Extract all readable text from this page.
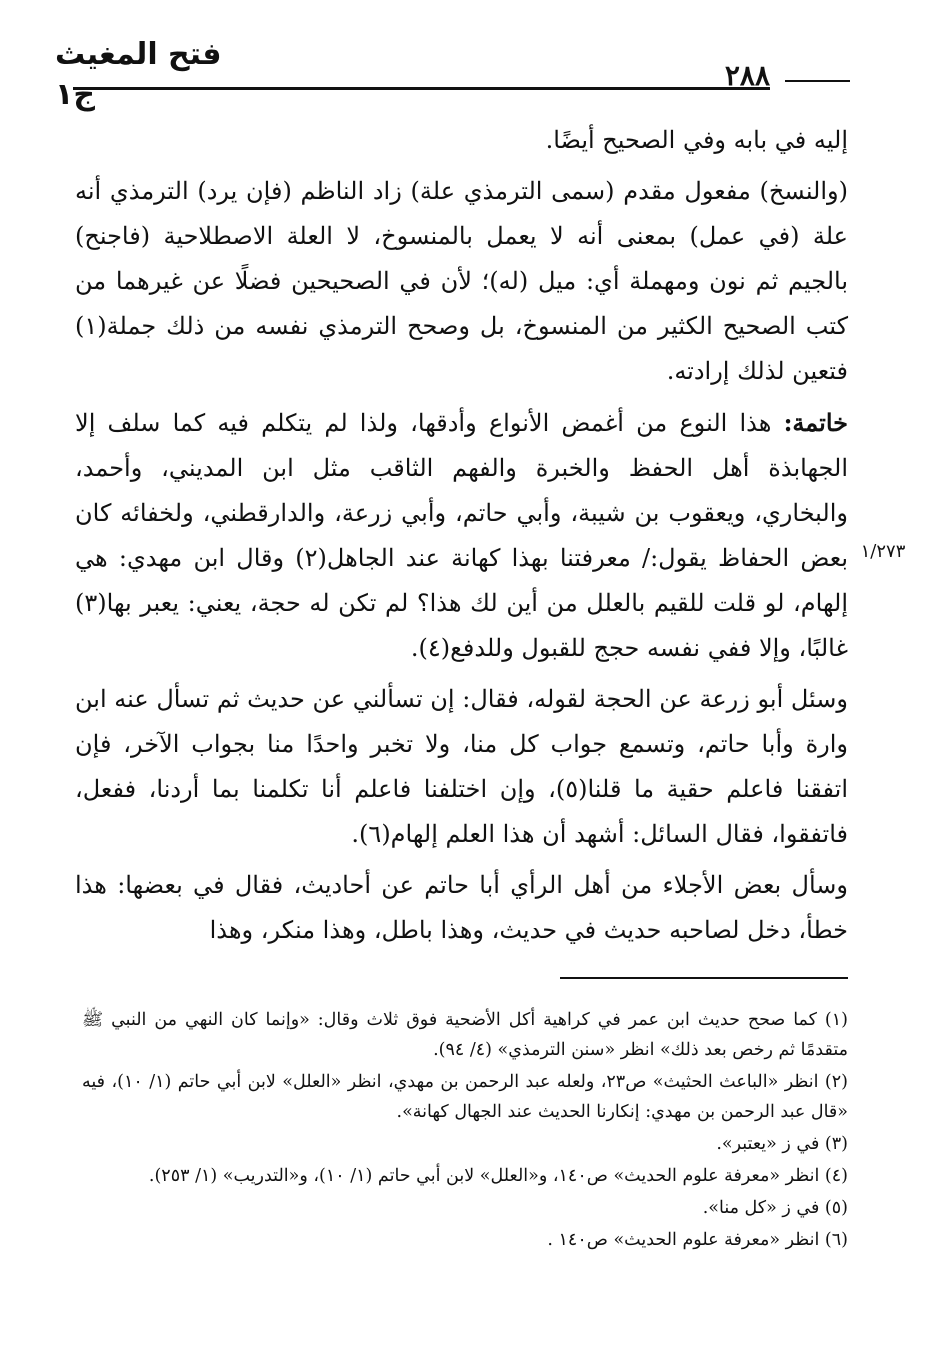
فتح المغيث ج١
٢٨٨
١/٢٧٣

إليه في بابه وفي الصحيح أيضًا.

(والنسخ) مفعول مقدم (سمى الترمذي علة) زاد الناظم (فإن يرد) الترمذي أنه علة (في عمل) بمعنى أنه لا يعمل بالمنسوخ، لا العلة الاصطلاحية (فاجنح) بالجيم ثم نون ومهملة أي: ميل (له)؛ لأن في الصحيحين فضلًا عن غيرهما من كتب الصحيح الكثير من المنسوخ، بل وصحح الترمذي نفسه من ذلك جملة(١) فتعين لذلك إرادته.

خاتمة: هذا النوع من أغمض الأنواع وأدقها، ولذا لم يتكلم فيه كما سلف إلا الجهابذة أهل الحفظ والخبرة والفهم الثاقب مثل ابن المديني، وأحمد، والبخاري، ويعقوب بن شيبة، وأبي حاتم، وأبي زرعة، والدارقطني، ولخفائه كان بعض الحفاظ يقول:/ معرفتنا بهذا كهانة عند الجاهل(٢) وقال ابن مهدي: هي إلهام، لو قلت للقيم بالعلل من أين لك هذا؟ لم تكن له حجة، يعني: يعبر بها(٣) غالبًا، وإلا ففي نفسه حجج للقبول وللدفع(٤).

وسئل أبو زرعة عن الحجة لقوله، فقال: إن تسألني عن حديث ثم تسأل عنه ابن وارة وأبا حاتم، وتسمع جواب كل منا، ولا تخبر واحدًا منا بجواب الآخر، فإن اتفقنا فاعلم حقية ما قلنا(٥)، وإن اختلفنا فاعلم أنا تكلمنا بما أردنا، ففعل، فاتفقوا، فقال السائل: أشهد أن هذا العلم إلهام(٦).

وسأل بعض الأجلاء من أهل الرأي أبا حاتم عن أحاديث، فقال في بعضها: هذا خطأ، دخل لصاحبه حديث في حديث، وهذا باطل، وهذا منكر، وهذا

(١) كما صحح حديث ابن عمر في كراهية أكل الأضحية فوق ثلاث وقال: «وإنما كان النهي من النبي ﷺ متقدمًا ثم رخص بعد ذلك» انظر «سنن الترمذي» (٤/ ٩٤).

(٢) انظر «الباعث الحثيث» ص٢٣، ولعله عبد الرحمن بن مهدي، انظر «العلل» لابن أبي حاتم (١/ ١٠)، فيه «قال عبد الرحمن بن مهدي: إنكارنا الحديث عند الجهال كهانة».

(٣) في ز «يعتبر».

(٤) انظر «معرفة علوم الحديث» ص١٤٠، و«العلل» لابن أبي حاتم (١/ ١٠)، و«التدريب» (١/ ٢٥٣).

(٥) في ز «كل منا».

(٦) انظر «معرفة علوم الحديث» ص١٤٠ .
